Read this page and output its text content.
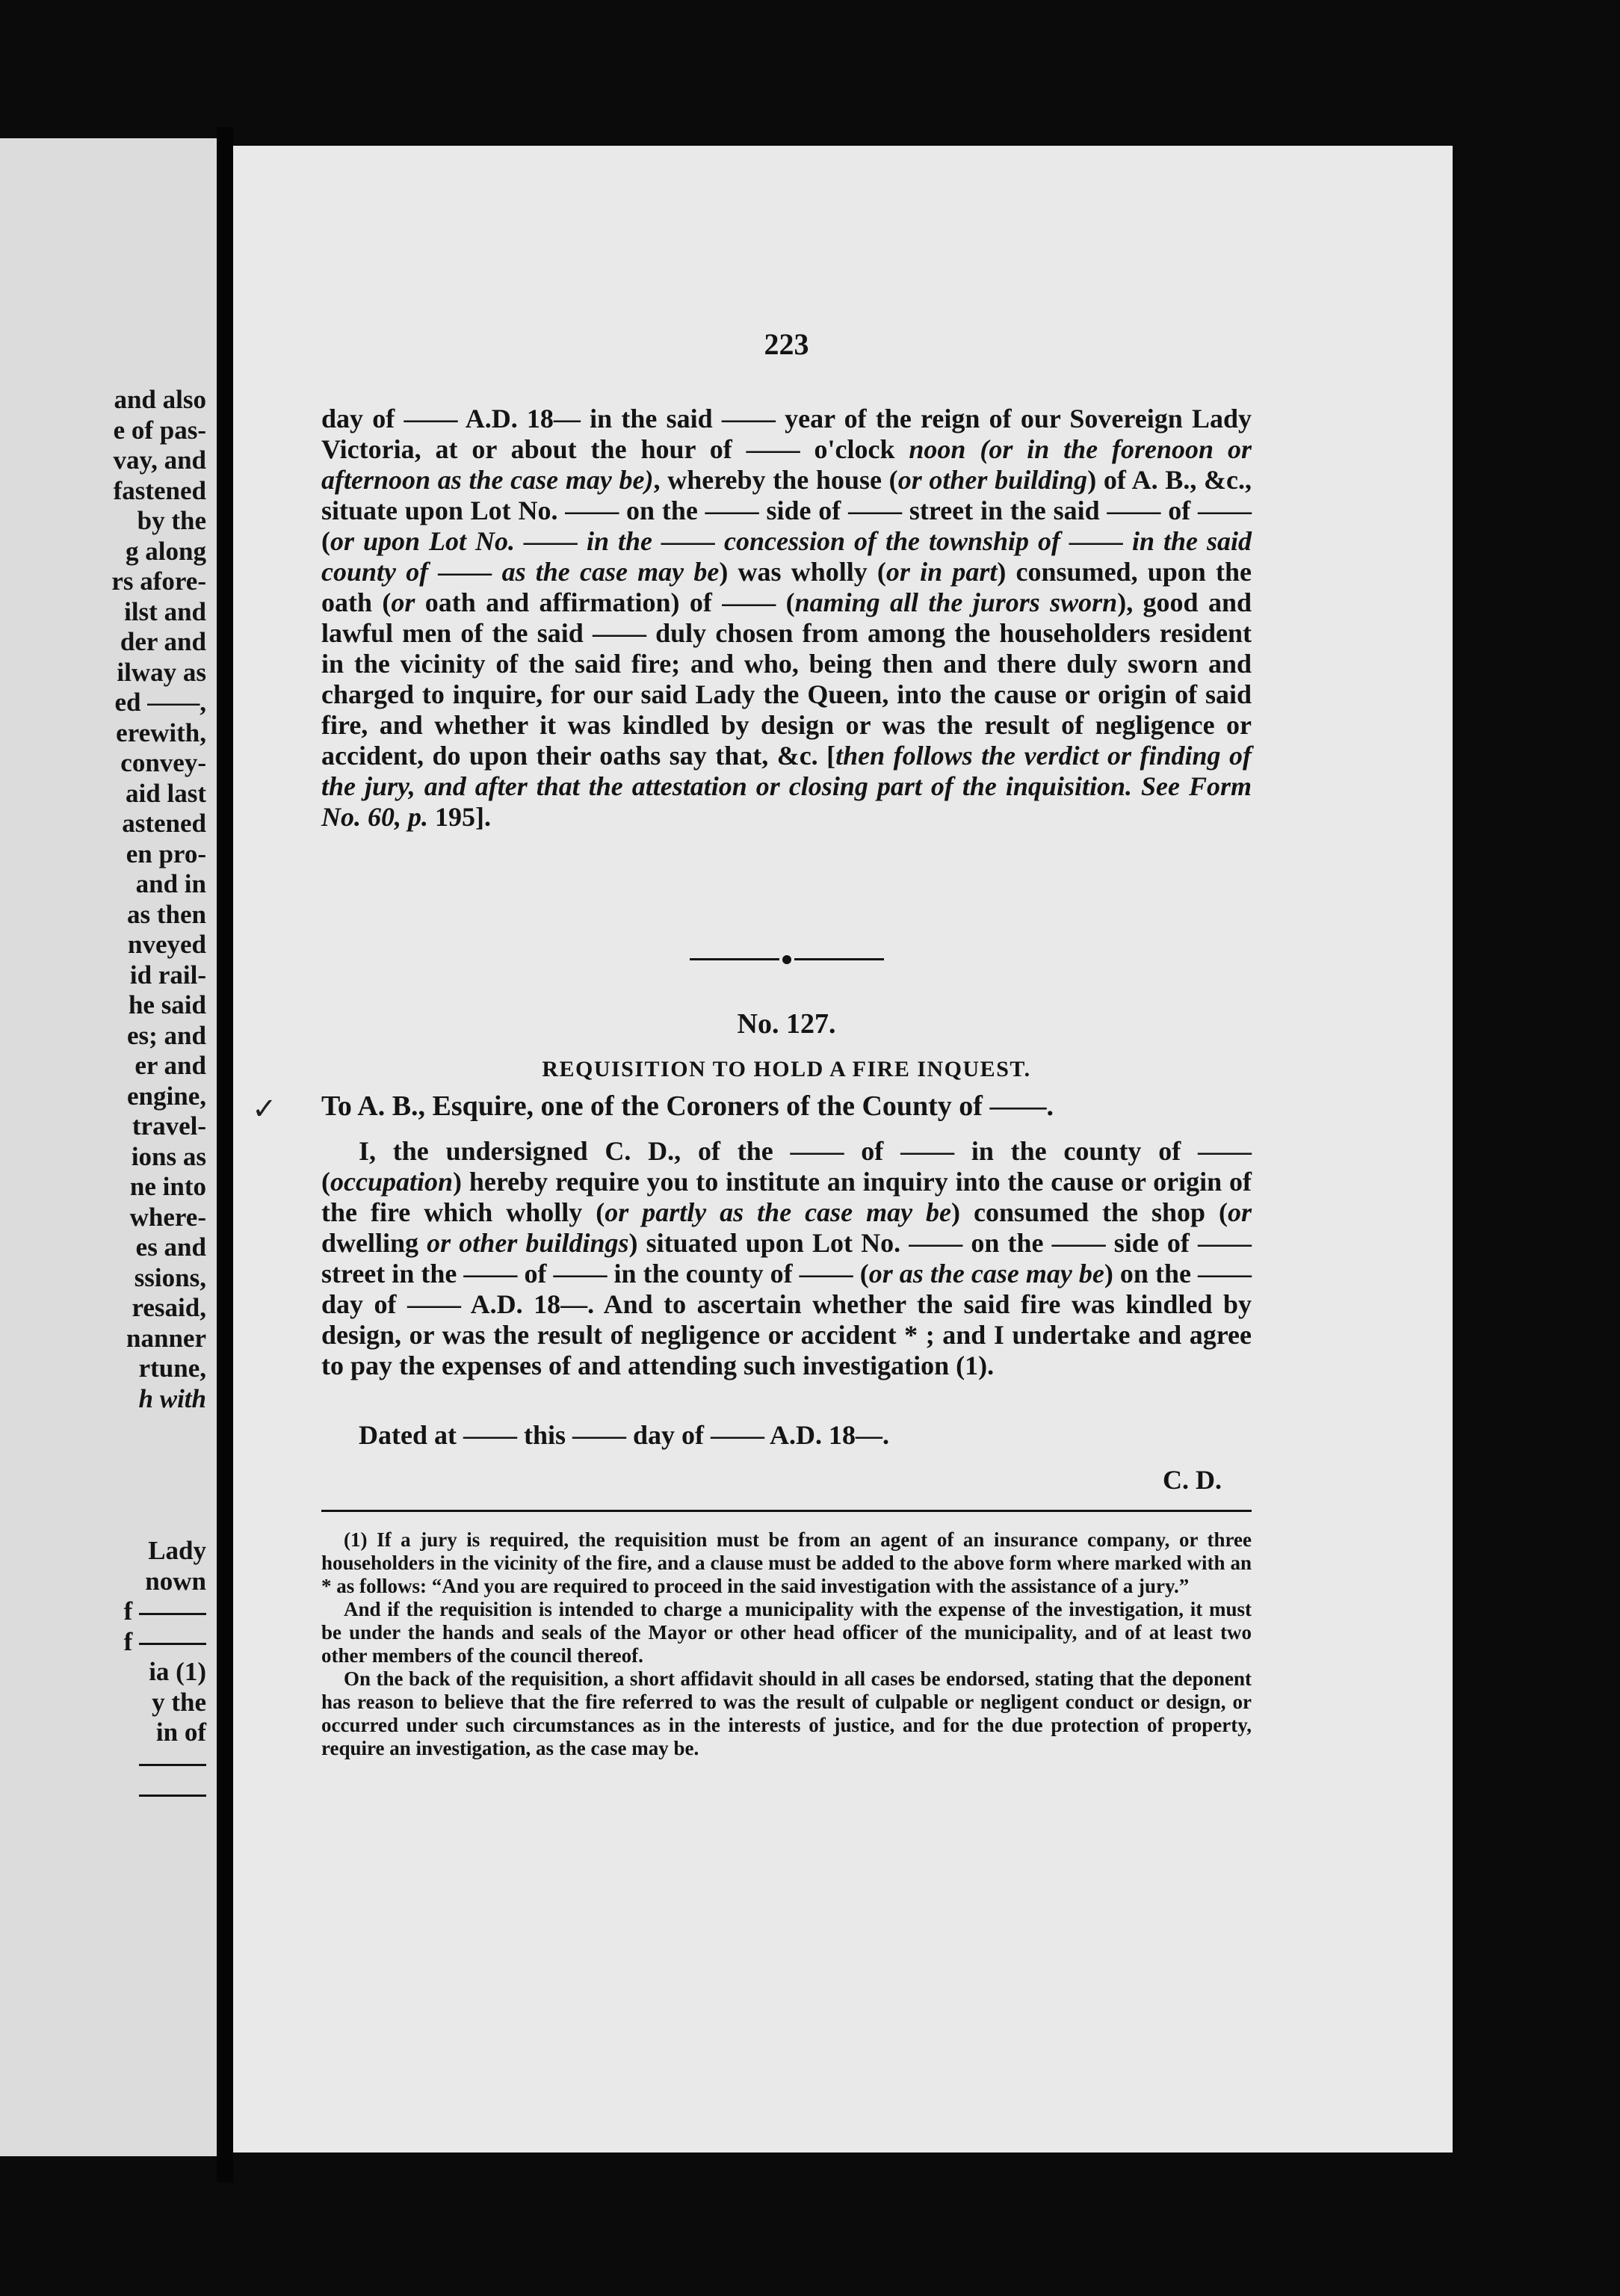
and also
e of pas-
vay, and
fastened
by the
g along
rs afore-
ilst and
der and
ilway as
ed ——,
erewith,
convey-
aid last
astened
en pro-
and in
as then
nveyed
id rail-
he said
es; and
er and
engine,
travel-
ions as
ne into
where-
es and
ssions,
resaid,
nanner
rtune,
h with
Lady
nown
f
f
ia (1)
y the
in of
223
day of —— A.D. 18— in the said —— year of the reign of our Sovereign Lady Victoria, at or about the hour of —— o'clock noon (or in the forenoon or afternoon as the case may be), whereby the house (or other building) of A. B., &c., situate upon Lot No. —— on the —— side of —— street in the said —— of —— (or upon Lot No. —— in the —— concession of the township of —— in the said county of —— as the case may be) was wholly (or in part) consumed, upon the oath (or oath and affirmation) of —— (naming all the jurors sworn), good and lawful men of the said —— duly chosen from among the householders resident in the vicinity of the said fire; and who, being then and there duly sworn and charged to inquire, for our said Lady the Queen, into the cause or origin of said fire, and whether it was kindled by design or was the result of negligence or accident, do upon their oaths say that, &c. [then follows the verdict or finding of the jury, and after that the attestation or closing part of the inquisition. See Form No. 60, p. 195].
No. 127.
REQUISITION TO HOLD A FIRE INQUEST.
To A. B., Esquire, one of the Coroners of the County of ——.
I, the undersigned C. D., of the —— of —— in the county of —— (occupation) hereby require you to institute an inquiry into the cause or origin of the fire which wholly (or partly as the case may be) consumed the shop (or dwelling or other buildings) situated upon Lot No. —— on the —— side of —— street in the —— of —— in the county of —— (or as the case may be) on the —— day of —— A.D. 18—. And to ascertain whether the said fire was kindled by design, or was the result of negligence or accident * ; and I undertake and agree to pay the expenses of and attending such investigation (1).
Dated at —— this —— day of —— A.D. 18—.
C. D.
(1) If a jury is required, the requisition must be from an agent of an insurance company, or three householders in the vicinity of the fire, and a clause must be added to the above form where marked with an * as follows: “And you are required to proceed in the said investigation with the assistance of a jury.”
And if the requisition is intended to charge a municipality with the expense of the investigation, it must be under the hands and seals of the Mayor or other head officer of the municipality, and of at least two other members of the council thereof.
On the back of the requisition, a short affidavit should in all cases be endorsed, stating that the deponent has reason to believe that the fire referred to was the result of culpable or negligent conduct or design, or occurred under such circumstances as in the interests of justice, and for the due protection of property, require an investigation, as the case may be.
✓
